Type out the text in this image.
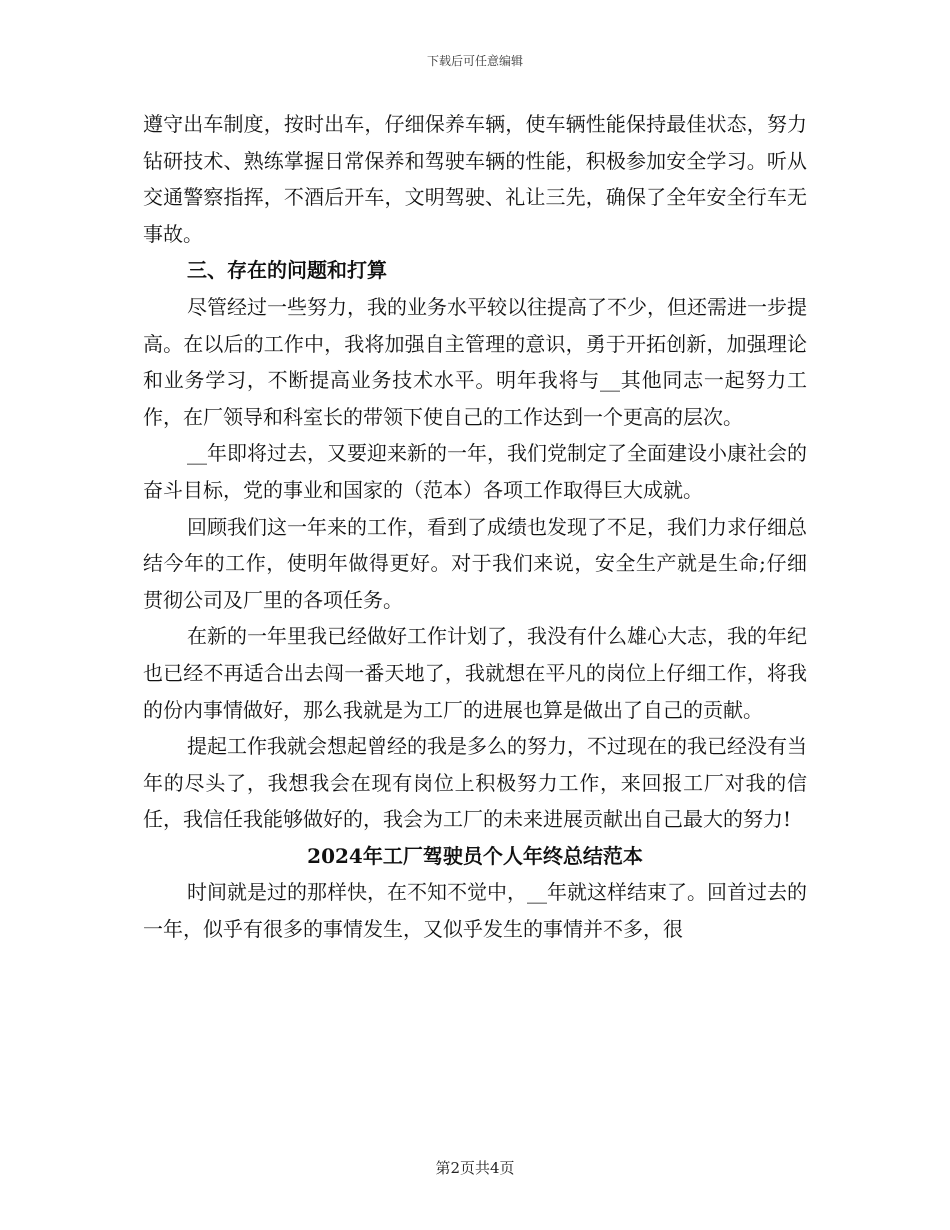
下载后可任意编辑

遵守出车制度，按时出车，仔细保养车辆，使车辆性能保持最佳状态，努力钻研技术、熟练掌握日常保养和驾驶车辆的性能，积极参加安全学习。听从交通警察指挥，不酒后开车，文明驾驶、礼让三先，确保了全年安全行车无事故。

三、存在的问题和打算

尽管经过一些努力，我的业务水平较以往提高了不少，但还需进一步提高。在以后的工作中，我将加强自主管理的意识，勇于开拓创新，加强理论和业务学习，不断提高业务技术水平。明年我将与__其他同志一起努力工作，在厂领导和科室长的带领下使自己的工作达到一个更高的层次。

__年即将过去，又要迎来新的一年，我们党制定了全面建设小康社会的奋斗目标，党的事业和国家的（范本）各项工作取得巨大成就。

回顾我们这一年来的工作，看到了成绩也发现了不足，我们力求仔细总结今年的工作，使明年做得更好。对于我们来说，安全生产就是生命;仔细贯彻公司及厂里的各项任务。

在新的一年里我已经做好工作计划了，我没有什么雄心大志，我的年纪也已经不再适合出去闯一番天地了，我就想在平凡的岗位上仔细工作，将我的份内事情做好，那么我就是为工厂的进展也算是做出了自己的贡献。

提起工作我就会想起曾经的我是多么的努力，不过现在的我已经没有当年的尽头了，我想我会在现有岗位上积极努力工作，来回报工厂对我的信任，我信任我能够做好的，我会为工厂的未来进展贡献出自己最大的努力!

2024年工厂驾驶员个人年终总结范本

时间就是过的那样快，在不知不觉中，__年就这样结束了。回首过去的一年，似乎有很多的事情发生，又似乎发生的事情并不多，很

第2页共4页
